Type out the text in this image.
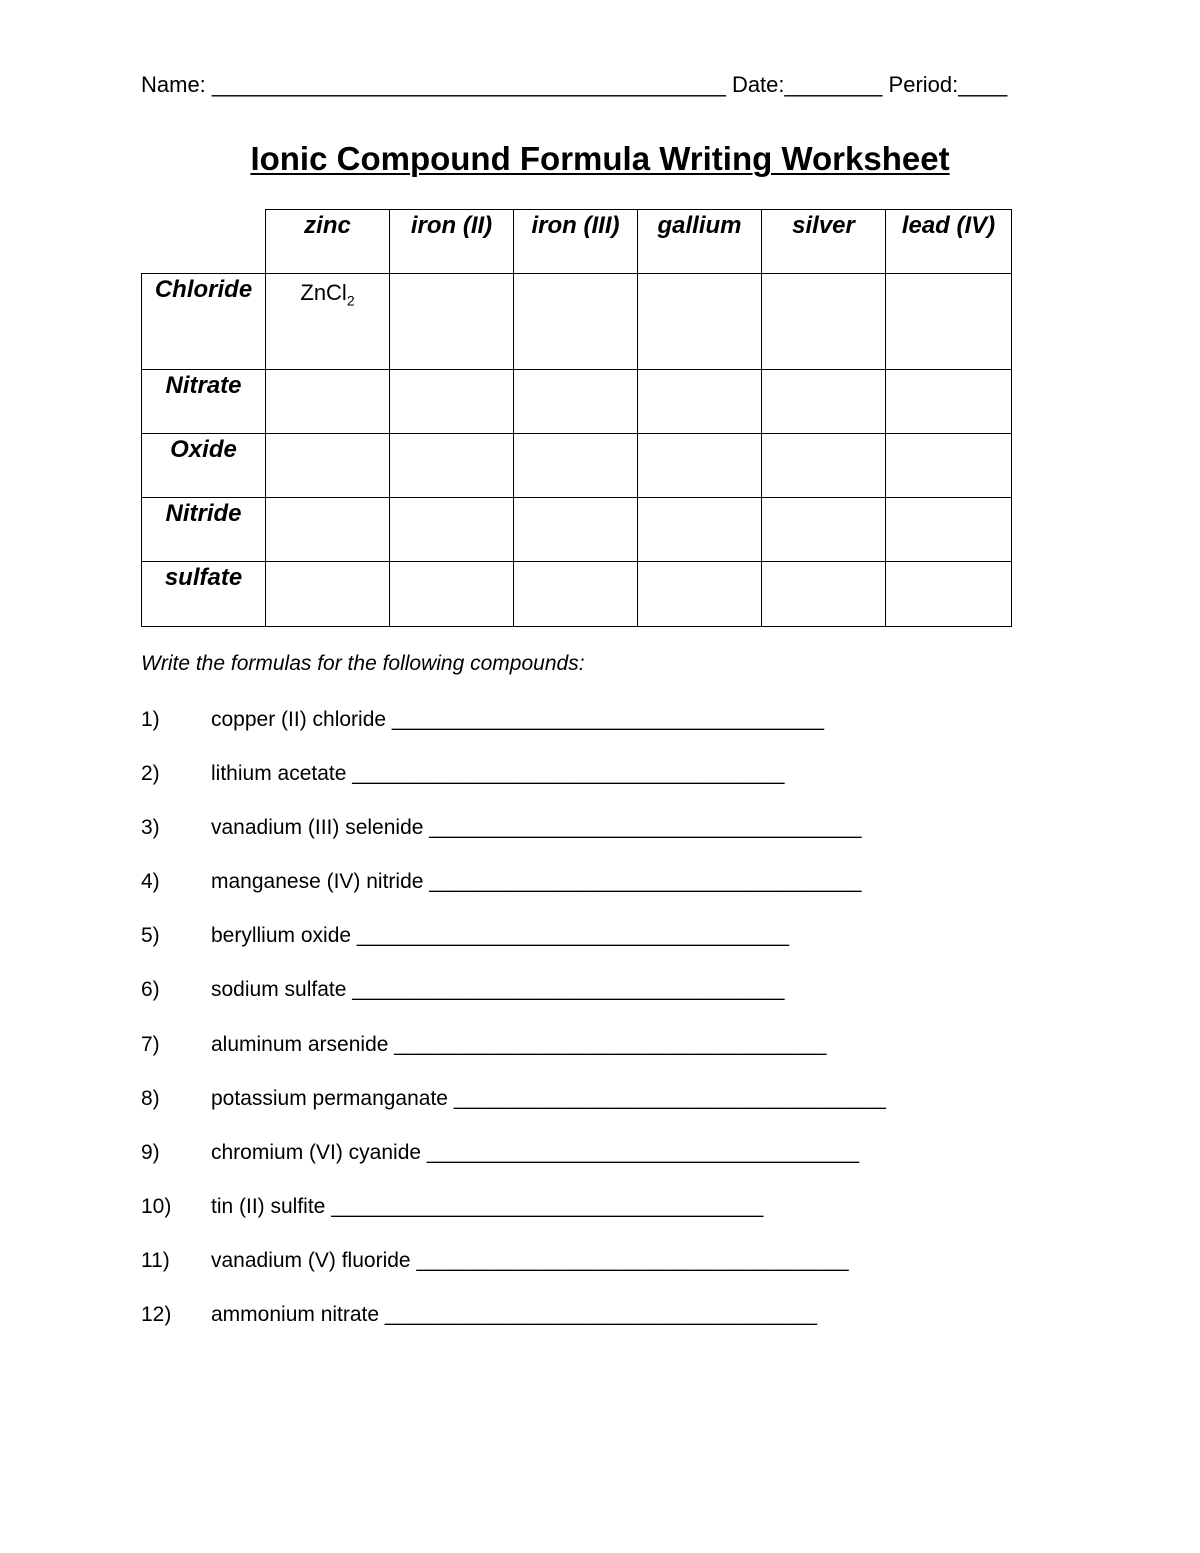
Name: __________________________________________ Date:________ Period:____
Ionic Compound Formula Writing Worksheet
	zinc	iron (II)	iron (III)	gallium	silver	lead (IV)
Chloride	ZnCl$_2$					
Nitrate						
Oxide						
Nitride						
sulfate						
Write the formulas for the following compounds:
1) copper (II) chloride _____________________________________
2) lithium acetate _____________________________________
3) vanadium (III) selenide _____________________________________
4) manganese (IV) nitride _____________________________________
5) beryllium oxide _____________________________________
6) sodium sulfate _____________________________________
7) aluminum arsenide _____________________________________
8) potassium permanganate _____________________________________
9) chromium (VI) cyanide _____________________________________
10) tin (II) sulfite _____________________________________
11) vanadium (V) fluoride _____________________________________
12) ammonium nitrate _____________________________________
